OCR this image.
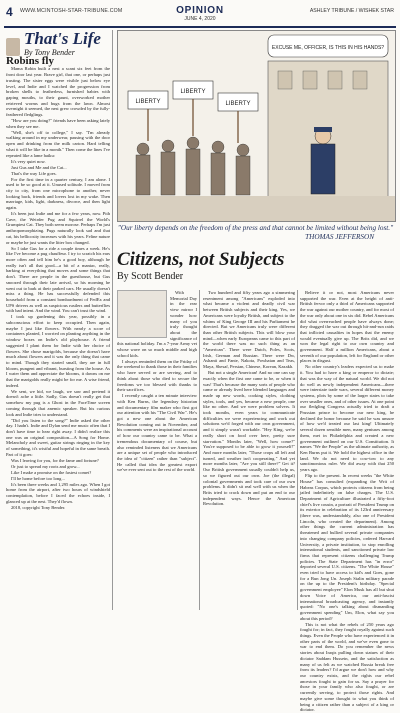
4 WWW.MCINTOSH-STAR-TRIBUNE.COM	OPINION
JUNE 4, 2020
ASHLEY TRIBUNE / WISHEK STAR
That's Life
By Tony Bender
Robins fly

Mama Robin built a nest a scant six feet from the front door last year. Brave girl, that one, or perhaps just trusting. The sister eggs were visible just below eye level, and Indie and I watched the progression from broken shells to featherless, furnished babies with gaping mouths, to their gaunt, overworked mother retrieved worms and bugs from the lawn. Almost overnight it seemed, the nest grew crowded by the fully-feathered fledglings.

"How are you doing?" friends have been asking lately when they see me.

"Well, she's off to college," I say. "I'm already walking around in my underwear, pausing with the door open and drinking from the milk carton. Hard telling what it will be like in a month." Then come the lines I've repeated like a lame haiku:

It's very quiet now.

Just Gus and Me and the Cat...

That's the way Life goes.

For the first time in a quarter century, I am alone. I used to be so good at it. Unused solitude. I moved from city to city, from one microphone to another, never looking back, friends and lovers lost in my wake. Then marriage, kids, light, darkness, divorce, and then light again.

It's been just Indie and me for a few years, now. Pith Cave, the Weirder Pug and Squirrel the World's Grumpiest Cat. They both seem morose. Perhaps I'm just anthropomorphizing. Pugs naturally look sad and that cat, his bellicosity increases with his years. Feline nature or maybe he just wants the litter box changed.

So I take Gus for a ride a couple times a week. He's like I've become a pug chauffeur. I try to scratch his ears more often and tell him he's a good boy, although he really isn't all that good—a bit of a maniac, really, barking at everything that moves and some things that don't. There are people in the guesthouse, but Gus snoozed through their late arrival, so his morning he went out to bark at their parked cars. He usually doesn't miss a thing. He has successfully defended this household from a constant bombardment of FedEx and UPS drivers as well as suspicious rustlers and butterflies with bad intent. And the wind. You can't trust the wind.

I took up gardening this year, possibly in a subconscious effort to keep occupied. Then again, maybe I just like flowers. With nearly a score of containers planted, I worried on planting anything in the window boxes on Indie's old playhouse. A friend suggested I plant them for Indie with her choice of flowers. She chose marigolds, because she doesn't have much about flowers and it was the only thing that came to mind. Though they started small, they are in full bloom, pungent and vibrant, bursting from the house. As I water them and appreciate the blooms, it dawns on me that the marigolds really might be for me. A wise friend, indeed.

We sent, we hid, we laugh, we saw and pretend it doesn't ache a little. Sadly, Gus doesn't really get that somehow my pug is a Ghost in the FaceTime screen coming through that anemic speaker. But his curious look and Indie tries to understand.

"Did you listen to the song?" Indie asked the other day. I hadn't. Indie and Dylan send me music often that I don't have time to hear right away. I didn't realize this one was an original composition—A Song for Home. Melancholy and sweet, guitar strings ringing in the key of something, it's wistful and hopeful in the same breath. Part of it goes:

Was I leaving for you, for the fame and fortune?

Or just to spread my roots and grow...

Like I make a promise on the fastest comet?

I'll be home before too long...

It's been three weeks and 1,295 miles ago. When I got home from the airport, after two hours of windshield contemplation, before I faced the echoes inside, I glanced up at the nest. They'd flown.

2018, copyright Tony Bender.

LIBERTY
LIBERTY
LIBERTY
EXCUSE ME, OFFICER, IS THIS IN HIS HANDS?
"Our liberty depends on the freedom of the press and that cannot be limited without being lost."
THOMAS JEFFERSON
Citizens, not Subjects
By Scott Bender

With Memorial Day in the rear view mirror I wonder how many of you truly thought about the significance of this national holiday. I'm a 7-year Army vet whose wave on so much middle and high school kids.

I always reminded them on the Friday of the weekend to thank those in their families who have served or are serving, and to think about those who died to secure the freedoms we too blessed with thanks to their sacrifices.

I recently caught a ten minute interview with Ken Burns, the legendary historian and documentary film maker who first got our attention with his "The Civil War". He's got a new one about the American Revolution coming out in November, and his comments were an inspirational account of how our country came to be. What a tremendous documentary of course, but also reminded listeners that we Americans are a unique set of people who introduced the idea of "citizen" rather than "subject". He called that idea the greatest export we've ever sent out to the rest of the world.

Two hundred and fifty years ago a simmering resentment among "Americans" exploded into what became a violent and deadly civil war between British subjects and their king. Yes, we Americans were loyalty British, and subject to the whims of King George III and his Parliament he directed. But we Americans truly were different than other British subjects. This will blow your mind—when early Europeans came to this part of the world there was no such thing as an "American". There were Dutch, Poles, Scots, Irish, German and Russian. There were Dw, Ashanti and Fante, Nakota, Powhatan and Teas, Maya, Shesaf, Persian, Chinese, Korean, Kazakh.

But not a single American! And no one can say exactly when the first one came to be, or when it was! That's because the many sorts of people who came or already lived here blended languages and made up new words, cooking styles, clothing styles, tools, and yes, became a new people, one like no other. And we were problem solvers. It took months, even years to communicate difficulties we were experiencing and work out solutions we'd forged with our own government, and it simply wasn't workable. "Hey King, we're really short on food over here, pretty sure starvation." Months later, "Well, how come?" You're supposed to be able to grow it yourself!" And more months later, "Those crops all left and turned, and weather isn't cooperating." And yet more months later, "Are you still there?" Get it? Our British government usually couldn't help us, so we figured out our own. Joe (the illegal) colonial governments and took care of our own problems. It didn't sit real well with us when the Brits tried to crack down and put an end to our independent ways. Hence the American Revolution.

Believe it or not, most Americans never supported the war. Even at the height of anti-British fervor only a third of Americans supported the war against our mother country, and for most of the war only about one in six did. Rebel Americans did what overreached people have always done; they dragged the war out through hit-and-run raids that inflicted casualties in hopes that the enemy would eventually give up. The Brits did, and we won the legal right to our own country and government. Half a million Americans, about a seventh of our population, left for England or other places in disgust.

No other country's leaders expected us to make it. You had to have a king or emperor to dictate; that was the way of the natural world. We did not do well as newly independent Americans—there were interstate trade wars, several different money systems, plots by some of the larger states to take over smaller ones, and of other issues. At one point our fledgling Congress actually tried to draft a Prussian prince to become our new king, he declined the honor because he said he was unsure of how we'd treated our last king! Ultimately several dozen sensible men, many geniuses among them, met in Philadelphia and created a new government outlined on our U.S. Constitution. It names "We the People" as the ultimate authority, as Ken Burns put it. We hold the highest office in the land. We do not need to cow-tow to any sanctimonious ruler. We did away with that 250 years ago.

Flip to the present. In recent weeks "the White House" has consulted (expanding the Writ of Habeas Corpus, which protects citizens from being jailed indefinitely on false charges. The U.S. Department of Agriculture illustrated a fifty-foot chief's live cousin, a portrait of President Trump on its exterior in celebration of its 123rd anniversary (there was, understandably, also one of President Lincoln, who created the department). Among other things the current administration has threatened and bullied several private companies into changing company policies, ordered Harvard University, a private institution, to stop enrolling international students, and sanctioned private law firms that represent citizens challenging Trump policies. The State Department has "in error" deported several U.S. citizens. "The White House" even tried to have access to kid's and Goes, gone for a Bun Jong Un. Joseph Stalin military parade on the up to the President's birthday. "Special government employee" Elon Musk has all but shut down Voice of America, our anti-fascist international broadcasting agency, and instantly quoted: "No one's talking about dismantling government spending" Um, Elon, what say you about this period?

This is not what the rebels of 250 years ago fought for; in fact, they fought royally against such things. Even the People who have experienced it in other parts of the world, and we've even gone to war to end them. Do you remember the news stories about Iraqis pulling down statues of their dictator Saddam Hussein, and the satisfaction as many of us felt as we watched Russia break free from its leaders? I'd argue we don't how and why our country exists, and the rights our rebel ancestors fought to gain for us. Say a prayer for those in your family who also fought, or are currently serving, to protect those rights. And maybe give some thought to what you think of being a citizen rather than a subject of a king or dictator.
